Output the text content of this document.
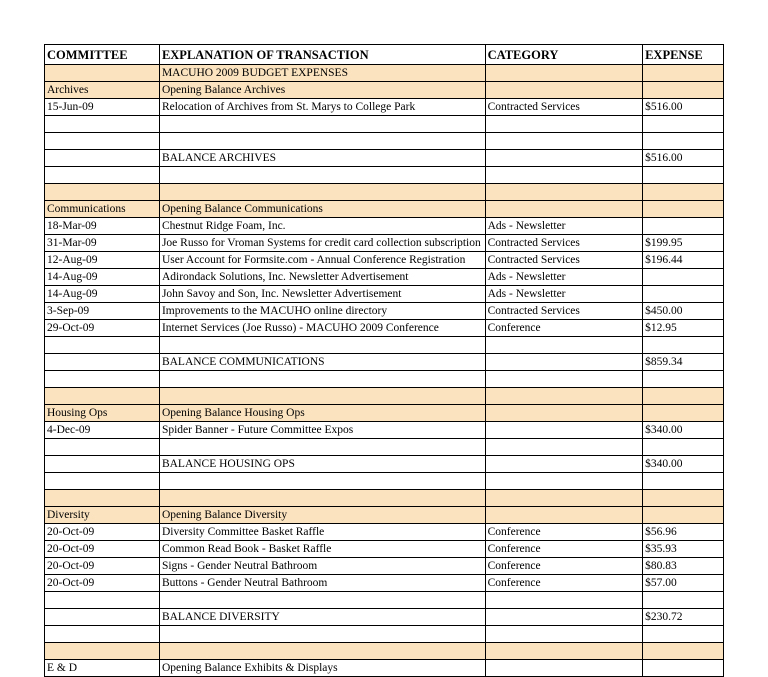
COMMITTEE	EXPLANATION OF TRANSACTION	CATEGORY	EXPENSE
	MACUHO 2009 BUDGET EXPENSES		
Archives	Opening Balance Archives		
15-Jun-09	Relocation of Archives from St. Marys to College Park	Contracted Services	$516.00

	BALANCE ARCHIVES		$516.00

Communications	Opening Balance Communications		
18-Mar-09	Chestnut Ridge Foam, Inc.	Ads - Newsletter	
31-Mar-09	Joe Russo for Vroman Systems for credit card collection subscription	Contracted Services	$199.95
12-Aug-09	User Account for Formsite.com - Annual Conference Registration	Contracted Services	$196.44
14-Aug-09	Adirondack Solutions, Inc. Newsletter Advertisement	Ads - Newsletter	
14-Aug-09	John Savoy and Son, Inc. Newsletter Advertisement	Ads - Newsletter	
3-Sep-09	Improvements to the MACUHO online directory	Contracted Services	$450.00
29-Oct-09	Internet Services (Joe Russo) - MACUHO 2009 Conference	Conference	$12.95

	BALANCE COMMUNICATIONS		$859.34

Housing Ops	Opening Balance Housing Ops		
4-Dec-09	Spider Banner - Future Committee Expos		$340.00

	BALANCE HOUSING OPS		$340.00

Diversity	Opening Balance Diversity		
20-Oct-09	Diversity Committee Basket Raffle	Conference	$56.96
20-Oct-09	Common Read Book - Basket Raffle	Conference	$35.93
20-Oct-09	Signs - Gender Neutral Bathroom	Conference	$80.83
20-Oct-09	Buttons - Gender Neutral Bathroom	Conference	$57.00

	BALANCE DIVERSITY		$230.72

E & D	Opening Balance Exhibits & Displays		
